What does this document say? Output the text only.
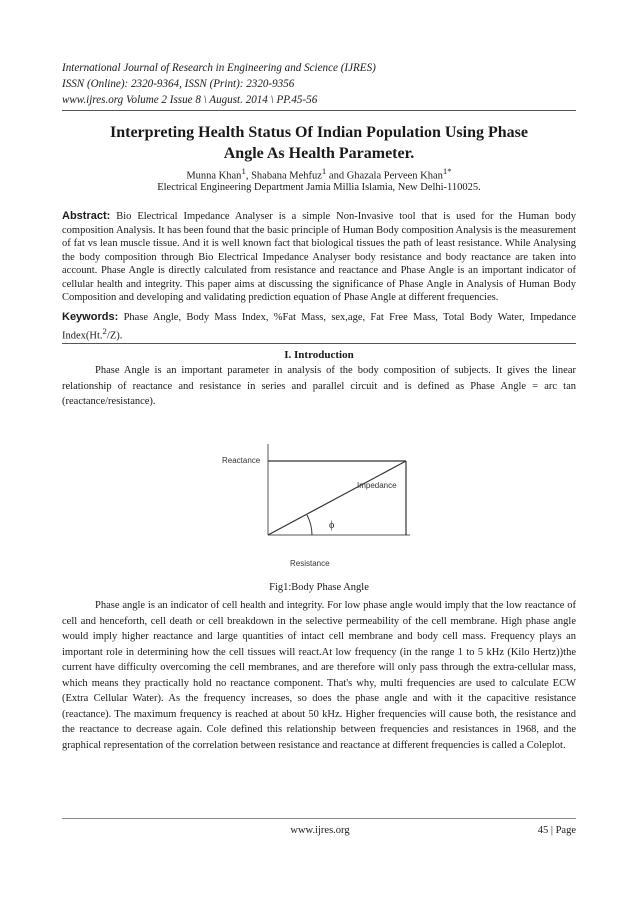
International Journal of Research in Engineering and Science (IJRES)
ISSN (Online): 2320-9364, ISSN (Print): 2320-9356
www.ijres.org Volume 2 Issue 8 \ August. 2014 \ PP.45-56
Interpreting Health Status Of Indian Population Using Phase
Angle As Health Parameter.
Munna Khan$^1$, Shabana Mehfuz$^1$ and Ghazala Perveen Khan$^{1*}$
Electrical Engineering Department Jamia Millia Islamia, New Delhi-110025.
Abstract: Bio Electrical Impedance Analyser is a simple Non-Invasive tool that is used for the Human body composition Analysis. It has been found that the basic principle of Human Body composition Analysis is the measurement of fat vs lean muscle tissue. And it is well known fact that biological tissues the path of least resistance. While Analysing the body composition through Bio Electrical Impedance Analyser body resistance and body reactance are taken into account. Phase Angle is directly calculated from resistance and reactance and Phase Angle is an important indicator of cellular health and integrity. This paper aims at discussing the significance of Phase Angle in Analysis of Human Body Composition and developing and validating prediction equation of Phase Angle at different frequencies.
Keywords: Phase Angle, Body Mass Index, %Fat Mass, sex,age, Fat Free Mass, Total Body Water, Impedance Index(Ht.$^2$/Z).
I. Introduction
Phase Angle is an important parameter in analysis of the body composition of subjects. It gives the linear relationship of reactance and resistance in series and parallel circuit and is defined as Phase Angle = arc tan (reactance/resistance).
Reactance
Impedance
ϕ
Resistance
Fig1:Body Phase Angle
Phase angle is an indicator of cell health and integrity. For low phase angle would imply that the low reactance of cell and henceforth, cell death or cell breakdown in the selective permeability of the cell membrane. High phase angle would imply higher reactance and large quantities of intact cell membrane and body cell mass. Frequency plays an important role in determining how the cell tissues will react.At low frequency (in the range 1 to 5 kHz (Kilo Hertz))the current have difficulty overcoming the cell membranes, and are therefore will only pass through the extra-cellular mass, which means they practically hold no reactance component. That's why, multi frequencies are used to calculate ECW (Extra Cellular Water). As the frequency increases, so does the phase angle and with it the capacitive resistance (reactance). The maximum frequency is reached at about 50 kHz. Higher frequencies will cause both, the resistance and the reactance to decrease again. Cole defined this relationship between frequencies and resistances in 1968, and the graphical representation of the correlation between resistance and reactance at different frequencies is called a Coleplot.
www.ijres.org	45 | Page
